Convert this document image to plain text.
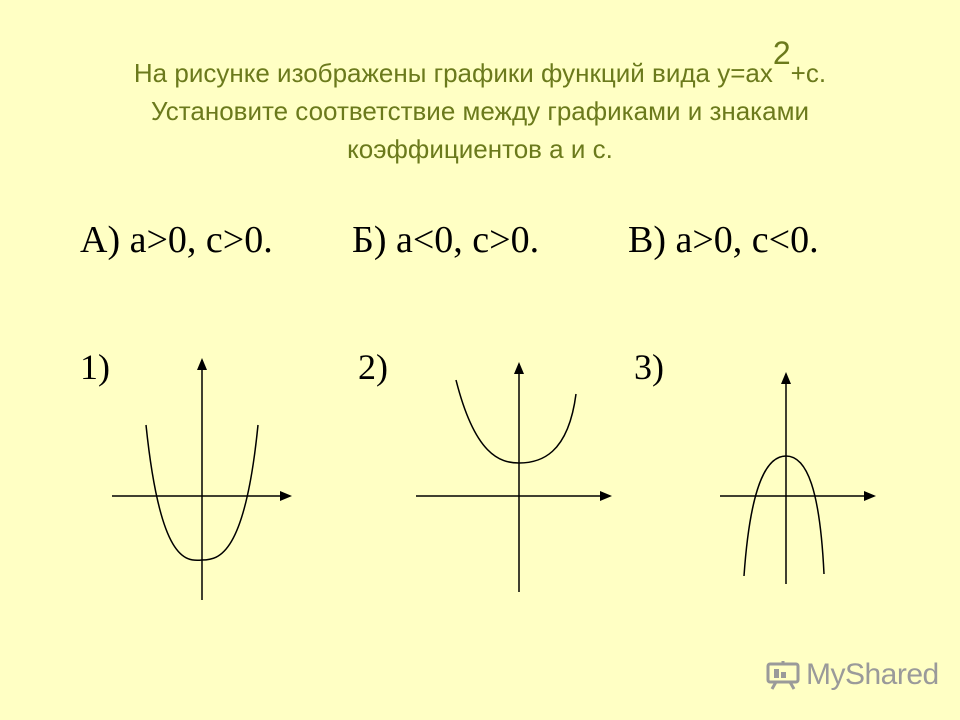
На рисунке изображены графики функций вида y=ax2+c.
Установите соответствие между графиками и знаками
коэффициентов a и c.

А) a>0, c>0.

Б) a<0, c>0.

В) a>0, c<0.

1)	2)	3)
MyShared
